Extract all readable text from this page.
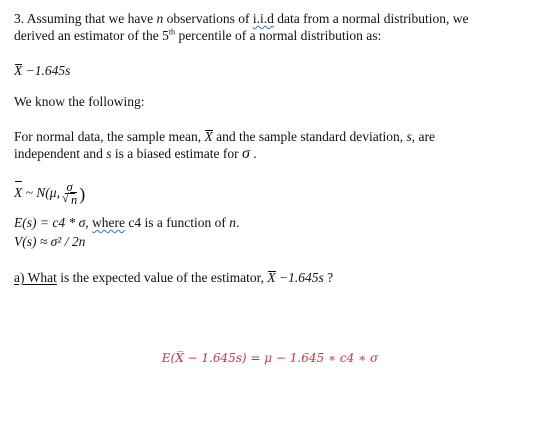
3. Assuming that we have n observations of i.i.d data from a normal distribution, we
derived an estimator of the 5th percentile of a normal distribution as:
X −1.645s
We know the following:
For normal data, the sample mean, X and the sample standard deviation, s, are
independent and s is a biased estimate for σ .
X ~ N(μ, σ
√ n )
E(s) = c4 * σ, where c4 is a function of n.
V(s) ≈ σ² / 2n
a) What is the expected value of the estimator, X −1.645s ?
E(X̅ − 1.645s) = μ − 1.645 ∗ c4 ∗ σ
